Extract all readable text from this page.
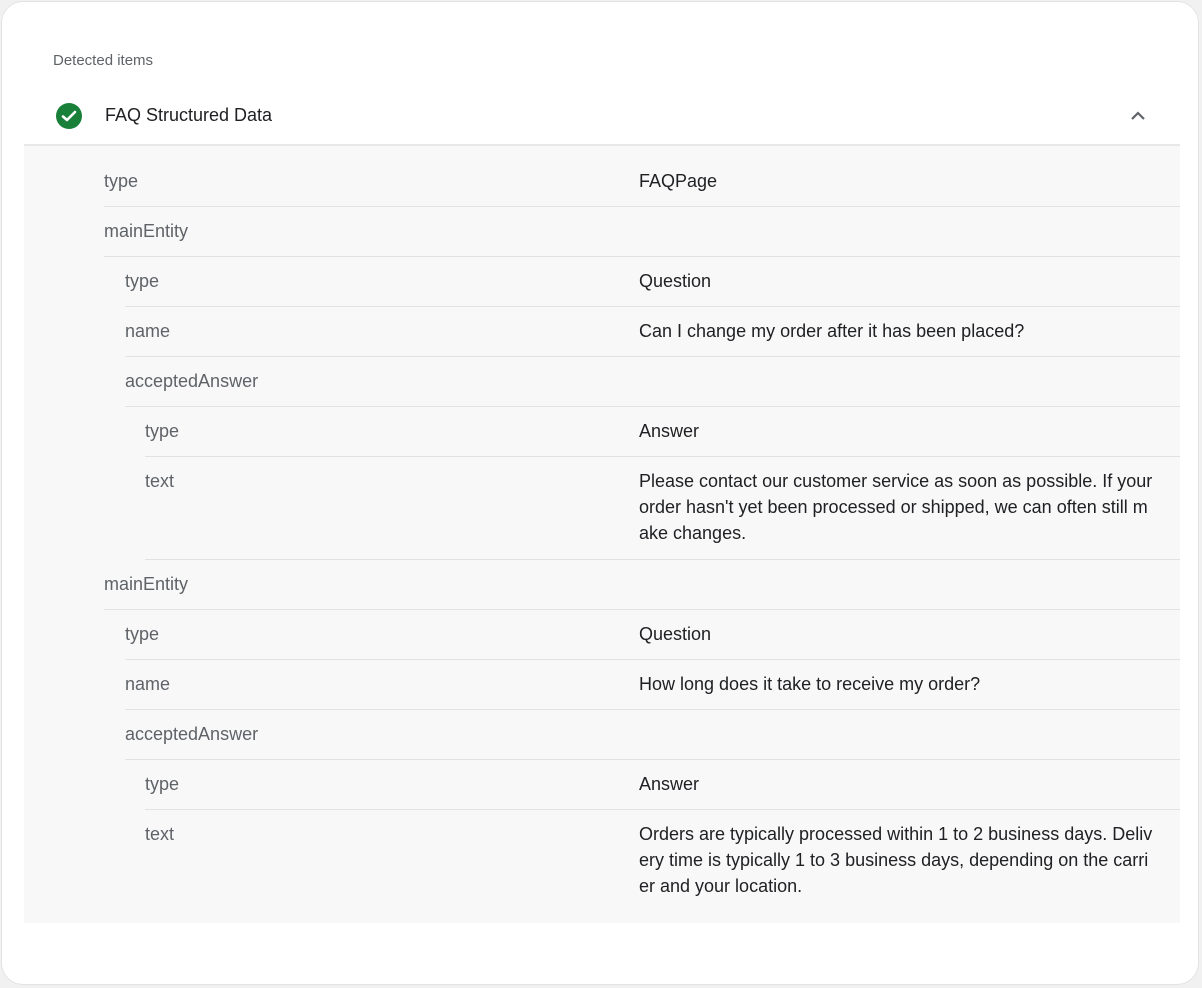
Detected items
FAQ Structured Data
type	FAQPage
mainEntity
type	Question
name	Can I change my order after it has been placed?
acceptedAnswer
type	Answer
text	Please contact our customer service as soon as possible. If your order hasn't yet been processed or shipped, we can often still make changes.
mainEntity
type	Question
name	How long does it take to receive my order?
acceptedAnswer
type	Answer
text	Orders are typically processed within 1 to 2 business days. Delivery time is typically 1 to 3 business days, depending on the carrier and your location.
